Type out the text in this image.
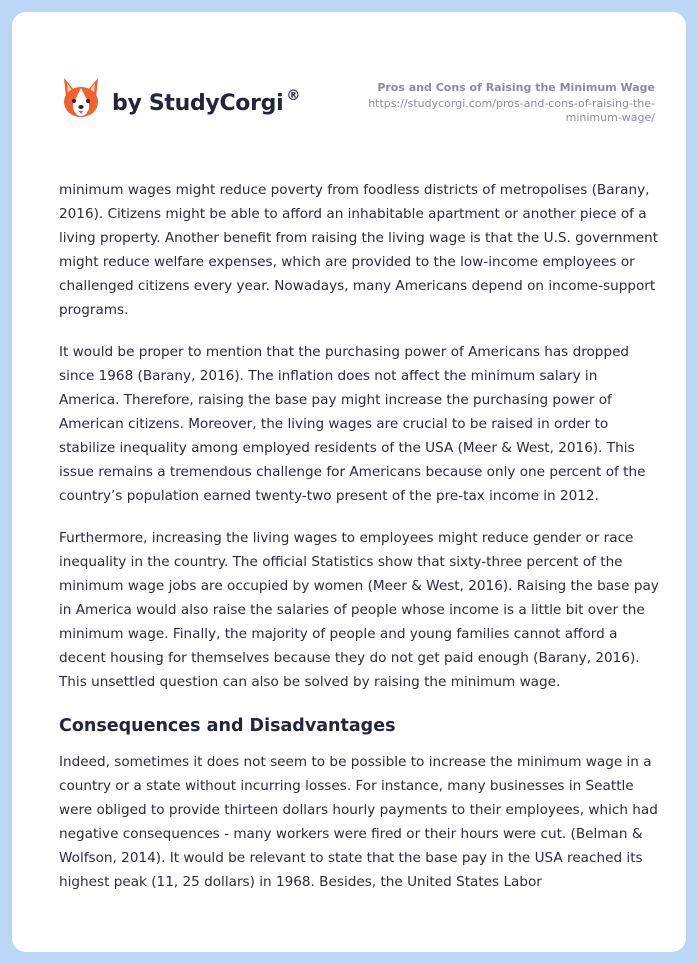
by StudyCorgi ®
Pros and Cons of Raising the Minimum Wage
https://studycorgi.com/pros-and-cons-of-raising-the-minimum-wage/

minimum wages might reduce poverty from foodless districts of metropolises (Barany, 2016). Citizens might be able to afford an inhabitable apartment or another piece of a living property. Another benefit from raising the living wage is that the U.S. government might reduce welfare expenses, which are provided to the low-income employees or challenged citizens every year. Nowadays, many Americans depend on income-support programs.

It would be proper to mention that the purchasing power of Americans has dropped since 1968 (Barany, 2016). The inflation does not affect the minimum salary in America. Therefore, raising the base pay might increase the purchasing power of American citizens. Moreover, the living wages are crucial to be raised in order to stabilize inequality among employed residents of the USA (Meer & West, 2016). This issue remains a tremendous challenge for Americans because only one percent of the country’s population earned twenty-two present of the pre-tax income in 2012.

Furthermore, increasing the living wages to employees might reduce gender or race inequality in the country. The official Statistics show that sixty-three percent of the minimum wage jobs are occupied by women (Meer & West, 2016). Raising the base pay in America would also raise the salaries of people whose income is a little bit over the minimum wage. Finally, the majority of people and young families cannot afford a decent housing for themselves because they do not get paid enough (Barany, 2016). This unsettled question can also be solved by raising the minimum wage.

Consequences and Disadvantages

Indeed, sometimes it does not seem to be possible to increase the minimum wage in a country or a state without incurring losses. For instance, many businesses in Seattle were obliged to provide thirteen dollars hourly payments to their employees, which had negative consequences - many workers were fired or their hours were cut. (Belman & Wolfson, 2014). It would be relevant to state that the base pay in the USA reached its highest peak (11, 25 dollars) in 1968. Besides, the United States Labor
